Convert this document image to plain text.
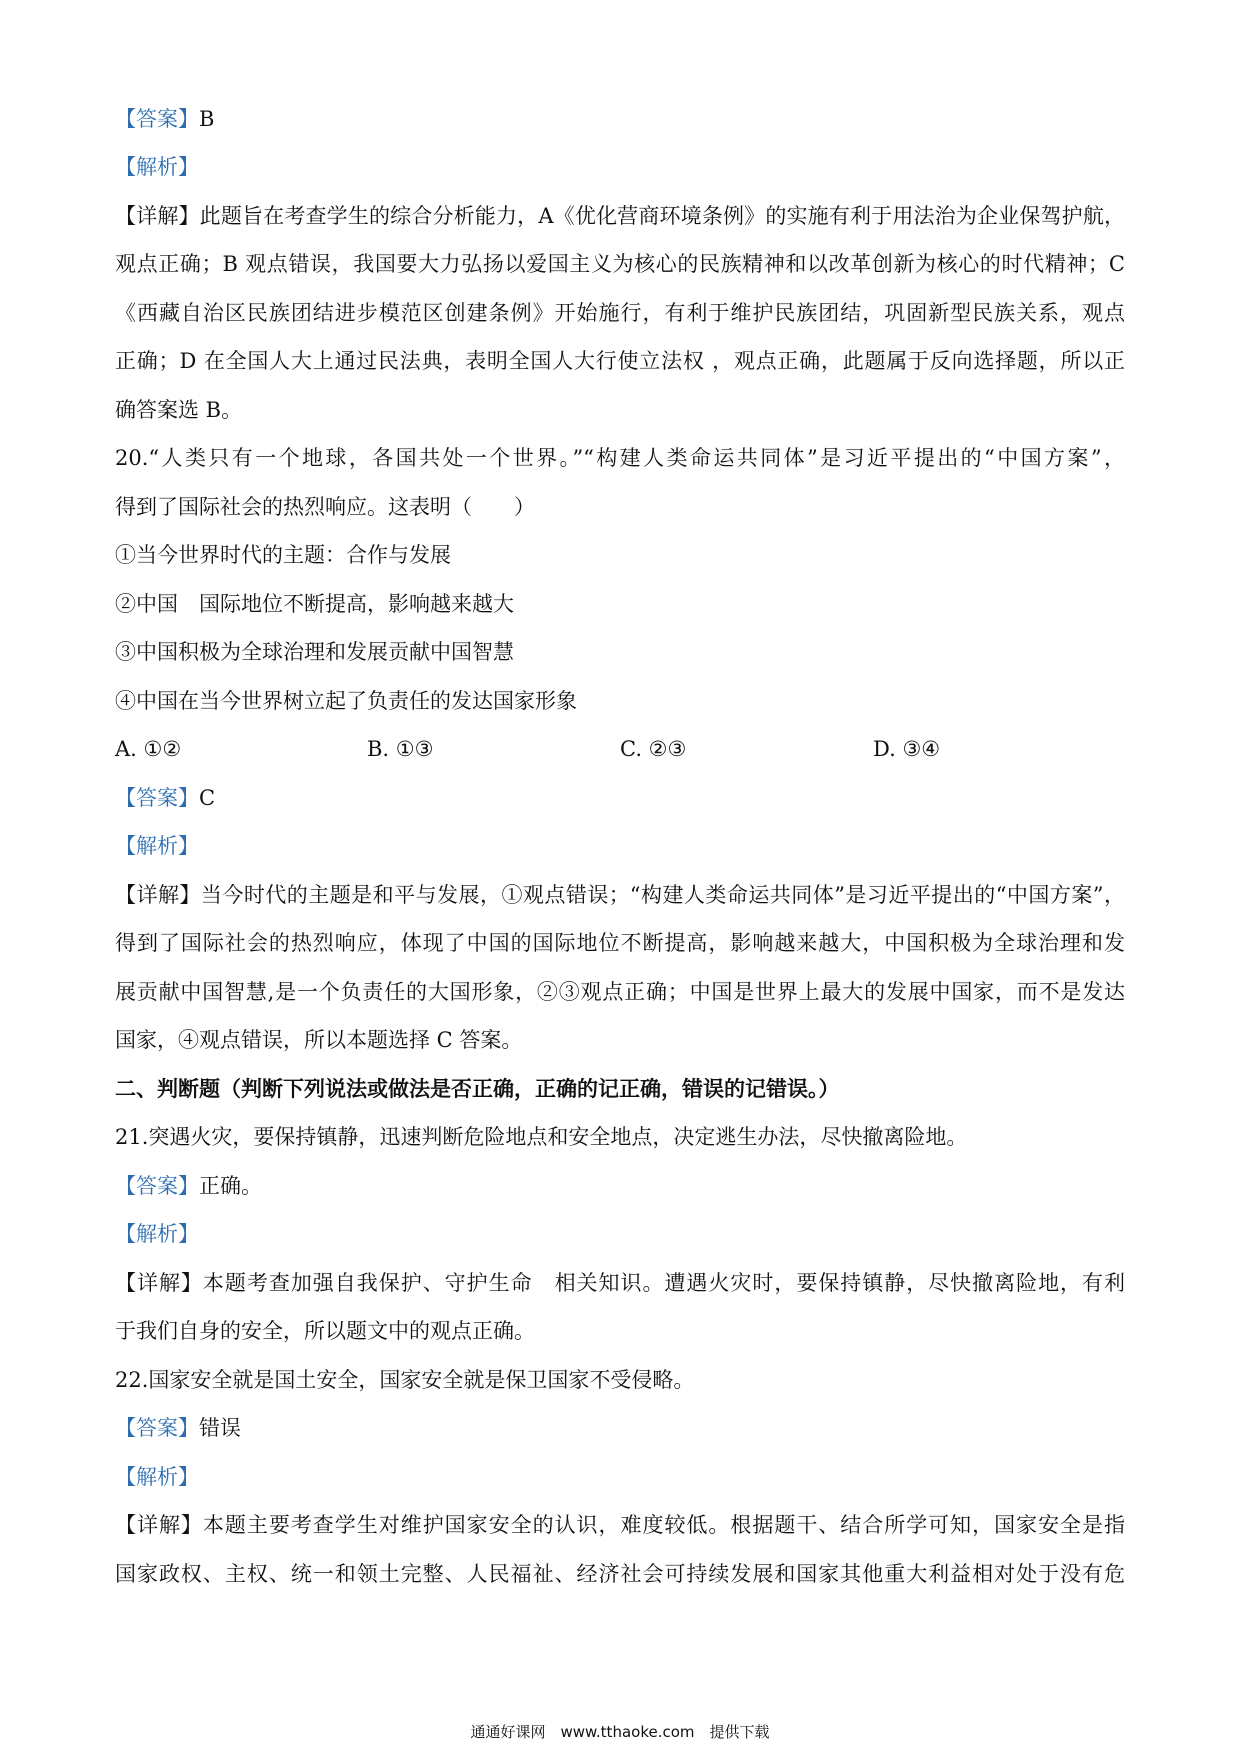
【答案】B
【解析】
【详解】此题旨在考查学生的综合分析能力，A《优化营商环境条例》的实施有利于用法治为企业保驾护航，
观点正确；B 观点错误，我国要大力弘扬以爱国主义为核心的民族精神和以改革创新为核心的时代精神；C
《西藏自治区民族团结进步模范区创建条例》开始施行，有利于维护民族团结，巩固新型民族关系，观点
正确；D 在全国人大上通过民法典，表明全国人大行使立法权 ，观点正确，此题属于反向选择题，所以正
确答案选 B。
20.“人类只有一个地球，各国共处一个世界。”“构建人类命运共同体”是习近平提出的“中国方案”，
得到了国际社会的热烈响应。这表明（　　）
①当今世界时代的主题：合作与发展
②中国　国际地位不断提高，影响越来越大
③中国积极为全球治理和发展贡献中国智慧
④中国在当今世界树立起了负责任的发达国家形象
A. ①②	B. ①③	C. ②③	D. ③④
【答案】C
【解析】
【详解】当今时代的主题是和平与发展，①观点错误；“构建人类命运共同体”是习近平提出的“中国方案”，
得到了国际社会的热烈响应，体现了中国的国际地位不断提高，影响越来越大，中国积极为全球治理和发
展贡献中国智慧,是一个负责任的大国形象，②③观点正确；中国是世界上最大的发展中国家，而不是发达
国家，④观点错误，所以本题选择 C 答案。
二、判断题（判断下列说法或做法是否正确，正确的记正确，错误的记错误。）
21.突遇火灾，要保持镇静，迅速判断危险地点和安全地点，决定逃生办法，尽快撤离险地。
【答案】正确。
【解析】
【详解】本题考查加强自我保护、守护生命　相关知识。遭遇火灾时，要保持镇静，尽快撤离险地，有利
于我们自身的安全，所以题文中的观点正确。
22.国家安全就是国土安全，国家安全就是保卫国家不受侵略。
【答案】错误
【解析】
【详解】本题主要考查学生对维护国家安全的认识，难度较低。根据题干、结合所学可知，国家安全是指
国家政权、主权、统一和领土完整、人民福祉、经济社会可持续发展和国家其他重大利益相对处于没有危
通通好课网　www.tthaoke.com　提供下载
